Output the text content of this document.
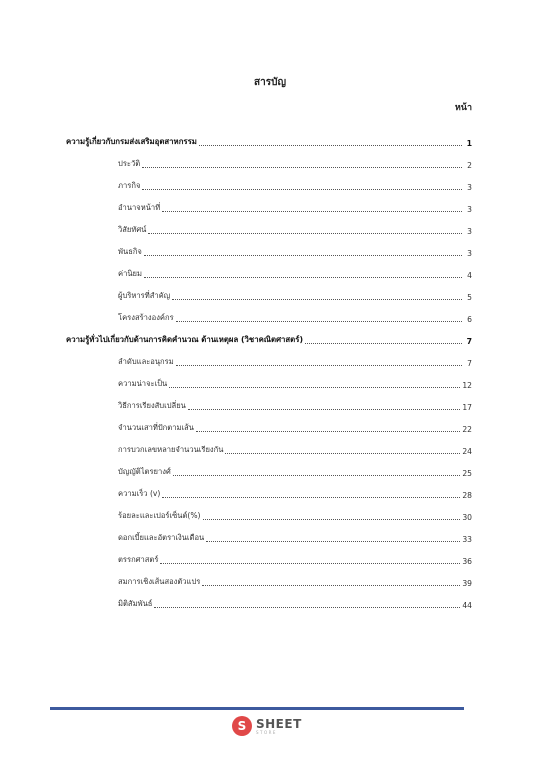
สารบัญ
หน้า
ความรู้เกี่ยวกับกรมส่งเสริมอุตสาหกรรม	1
ประวัติ	2
ภารกิจ	3
อำนาจหน้าที่	3
วิสัยทัศน์	3
พันธกิจ	3
ค่านิยม	4
ผู้บริหารที่สำคัญ	5
โครงสร้างองค์กร	6
ความรู้ทั่วไปเกี่ยวกับด้านการคิดคำนวณ ด้านเหตุผล (วิชาคณิตศาสตร์)	7
ลำดับและอนุกรม	7
ความน่าจะเป็น	12
วิธีการเรียงสับเปลี่ยน	17
จำนวนเสาที่ปักตามเส้น	22
การบวกเลขหลายจำนวนเรียงกัน	24
บัญญัติไตรยางศ์	25
ความเร็ว (v)	28
ร้อยละและเปอร์เซ็นต์(%)	30
ดอกเบี้ยและอัตราเงินเดือน	33
ตรรกศาสตร์	36
สมการเชิงเส้นสองตัวแปร	39
มิติสัมพันธ์	44
S SHEET
STORE
